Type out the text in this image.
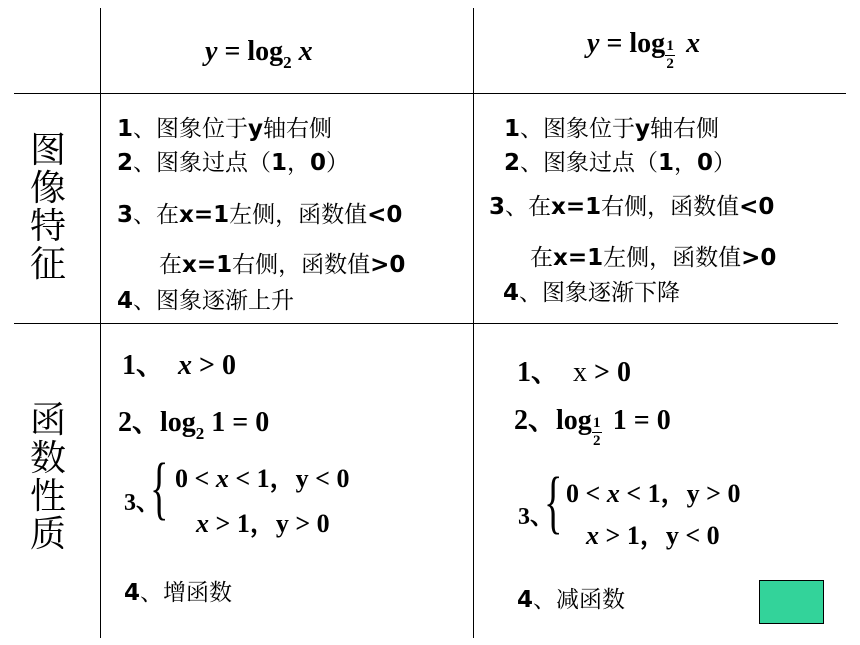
$y = \log_2 x$	$y = \log \frac{1}{2}$ x
图
像
特
征
函
数
性
质
1、图象位于y轴右侧
2、图象过点（1，0）
3、在x=1左侧，函数值<0
在x=1右侧，函数值>0
4、图象逐渐上升
1、图象位于y轴右侧
2、图象过点（1，0）
3、在x=1右侧，函数值<0
在x=1左侧，函数值>0
4、图象逐渐下降
1、 x > 0
2、$\log_2 1 = 0$
3、
{ 0 < x < 1，y < 0
x > 1，y > 0
4、增函数
1、 x > 0
2、$\log \frac{1}{2} 1 = 0$
3、
{ 0 < x < 1，y > 0
x > 1，y < 0
4、减函数
